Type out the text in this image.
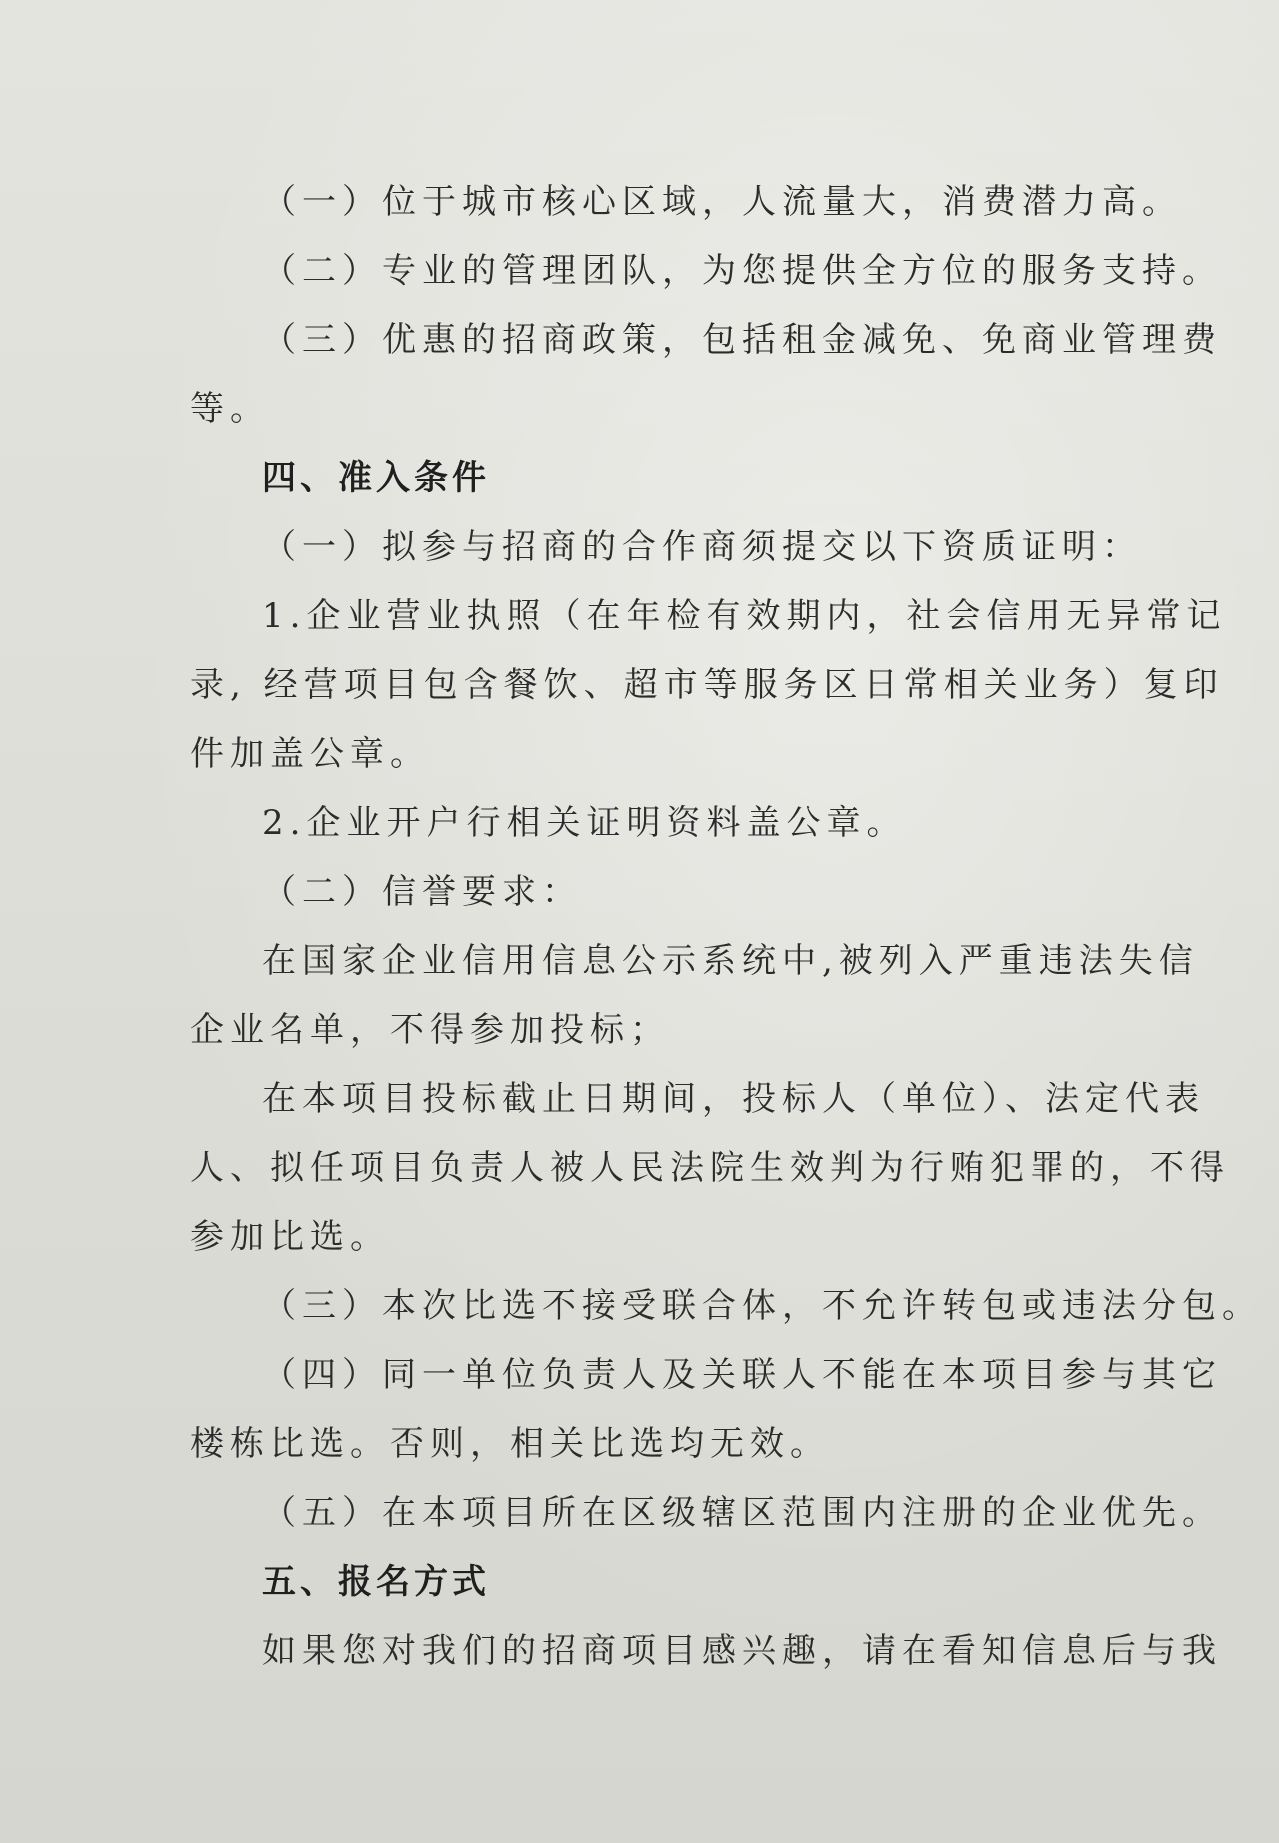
（一）位于城市核心区域，人流量大，消费潜力高。
（二）专业的管理团队，为您提供全方位的服务支持。
（三）优惠的招商政策，包括租金减免、免商业管理费
等。
四、准入条件
（一）拟参与招商的合作商须提交以下资质证明：
1.企业营业执照（在年检有效期内，社会信用无异常记
录, 经营项目包含餐饮、超市等服务区日常相关业务）复印
件加盖公章。
2.企业开户行相关证明资料盖公章。
（二）信誉要求：
在国家企业信用信息公示系统中,被列入严重违法失信
企业名单，不得参加投标；
在本项目投标截止日期间，投标人（单位）、法定代表
人、拟任项目负责人被人民法院生效判为行贿犯罪的，不得
参加比选。
（三）本次比选不接受联合体，不允许转包或违法分包。
（四）同一单位负责人及关联人不能在本项目参与其它
楼栋比选。否则，相关比选均无效。
（五）在本项目所在区级辖区范围内注册的企业优先。
五、报名方式
如果您对我们的招商项目感兴趣，请在看知信息后与我
